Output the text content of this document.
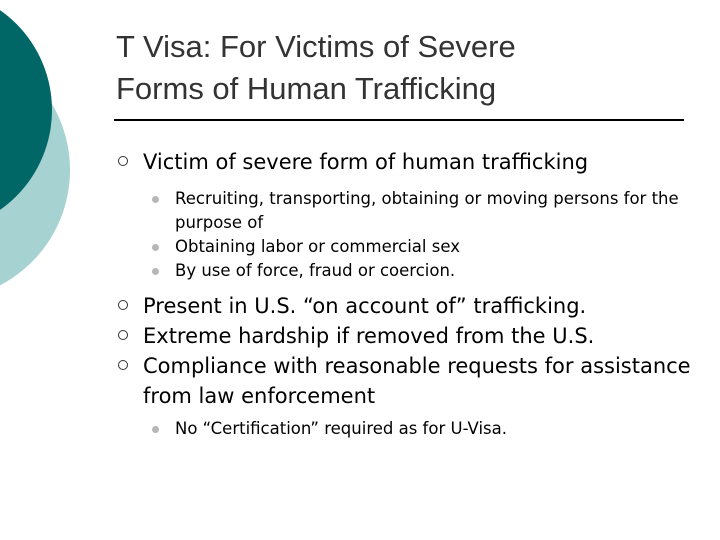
T Visa: For Victims of Severe
Forms of Human Trafficking
Victim of severe form of human trafficking
Recruiting, transporting, obtaining or moving persons for the purpose of
Obtaining labor or commercial sex
By use of force, fraud or coercion.
Present in U.S. “on account of” trafficking.
Extreme hardship if removed from the U.S.
Compliance with reasonable requests for assistance from law enforcement
No “Certification” required as for U-Visa.
